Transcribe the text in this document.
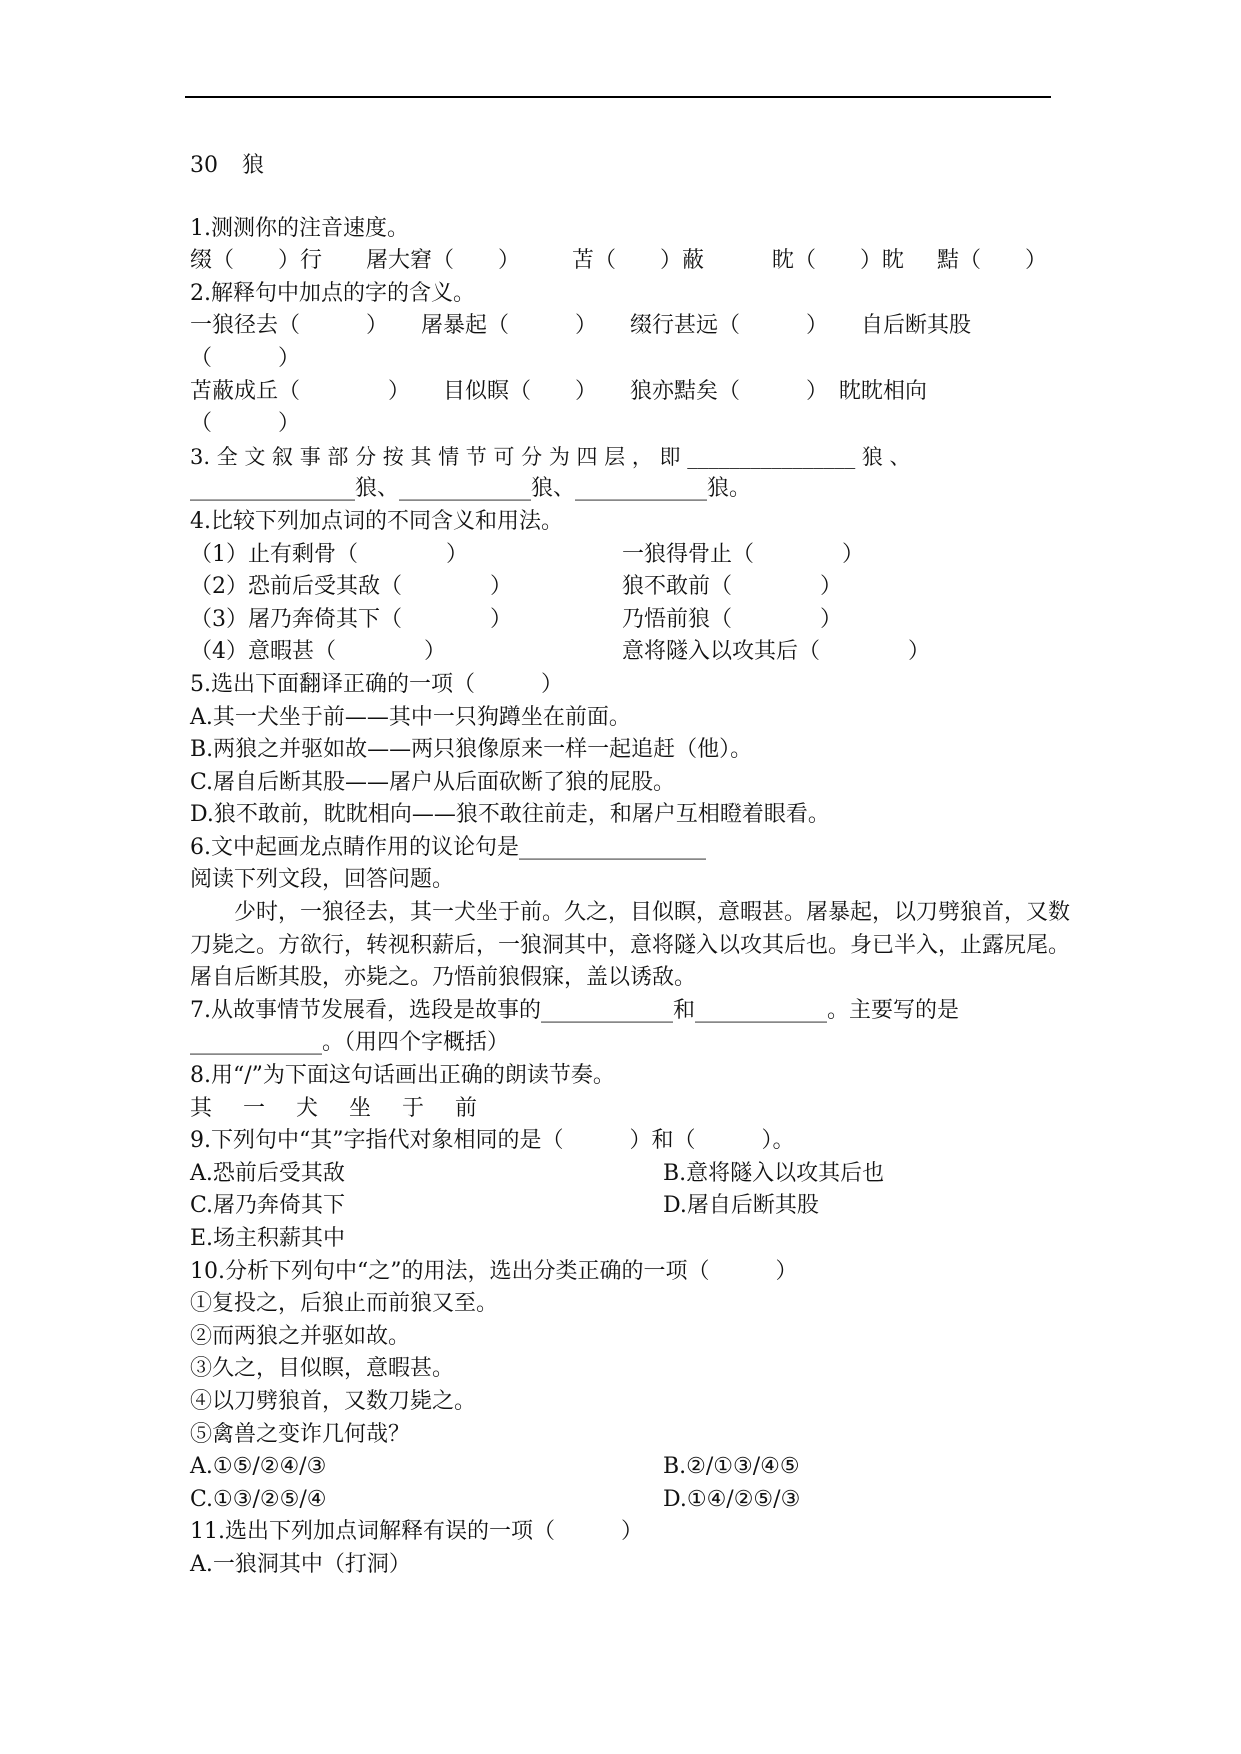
30 狼
1.测测你的注音速度。
缀（　　）行 屠大窘（　　） 苫（　　）蔽	眈（　　）眈 黠（　　）
2.解释句中加点的字的含义。
一狼径去（　　　）　　屠暴起（　　　）　　缀行甚远（　　　）　　自后断其股
（　　　）
苫蔽成丘（　　　　）　　目似瞑（　　）　　狼亦黠矣（　　　）　眈眈相向
（　　　）
3. 全 文 叙 事 部 分 按 其 情 节 可 分 为 四 层 ， 即 ________________ 狼 、
_______________狼、____________狼、____________狼。
4.比较下列加点词的不同含义和用法。
（1）止有剩骨（　　　　）	一狼得骨止（　　　　）
（2）恐前后受其敌（　　　　）	狼不敢前（　　　　）
（3）屠乃奔倚其下（　　　　）	乃悟前狼（　　　　）
（4）意暇甚（　　　　）	意将隧入以攻其后（　　　　）
5.选出下面翻译正确的一项（　　　）
A.其一犬坐于前——其中一只狗蹲坐在前面。
B.两狼之并驱如故——两只狼像原来一样一起追赶（他）。
C.屠自后断其股——屠户从后面砍断了狼的屁股。
D.狼不敢前，眈眈相向——狼不敢往前走，和屠户互相瞪着眼看。
6.文中起画龙点睛作用的议论句是_________________
阅读下列文段，回答问题。
少时，一狼径去，其一犬坐于前。久之，目似瞑，意暇甚。屠暴起，以刀劈狼首，又数刀毙之。方欲行，转视积薪后，一狼洞其中，意将隧入以攻其后也。身已半入，止露尻尾。屠自后断其股，亦毙之。乃悟前狼假寐，盖以诱敌。
7.从故事情节发展看，选段是故事的____________和____________。主要写的是
____________。（用四个字概括）
8.用“/”为下面这句话画出正确的朗读节奏。
其 一 犬 坐 于 前
9.下列句中“其”字指代对象相同的是（　　　）和（　　　）。
A.恐前后受其敌	B.意将隧入以攻其后也
C.屠乃奔倚其下	D.屠自后断其股
E.场主积薪其中
10.分析下列句中“之”的用法，选出分类正确的一项（　　　）
①复投之，后狼止而前狼又至。
②而两狼之并驱如故。
③久之，目似瞑，意暇甚。
④以刀劈狼首，又数刀毙之。
⑤禽兽之变诈几何哉？
A.①⑤/②④/③	B.②/①③/④⑤
C.①③/②⑤/④	D.①④/②⑤/③
11.选出下列加点词解释有误的一项（　　　）
A.一狼洞其中（打洞）
